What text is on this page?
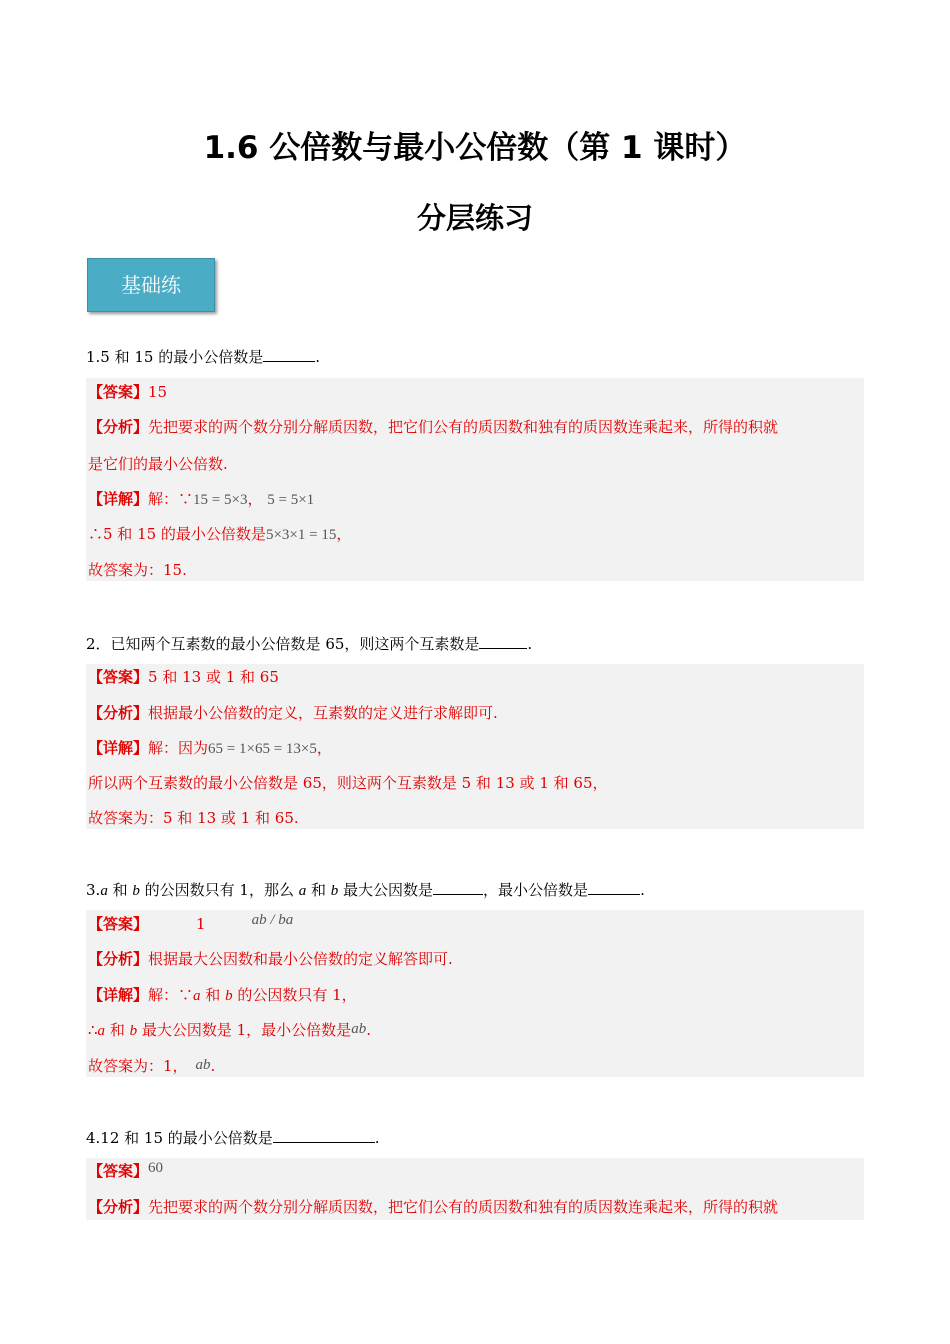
1.6 公倍数与最小公倍数（第 1 课时）
分层练习
基础练
1.5 和 15 的最小公倍数是	.
【答案】15
【分析】先把要求的两个数分别分解质因数，把它们公有的质因数和独有的质因数连乘起来，所得的积就
是它们的最小公倍数.
【详解】解：∵15 = 5×3， 5 = 5×1
∴5 和 15 的最小公倍数是5×3×1 = 15，
故答案为：15.
2．已知两个互素数的最小公倍数是 65，则这两个互素数是	.
【答案】5 和 13 或 1 和 65
【分析】根据最小公倍数的定义，互素数的定义进行求解即可.
【详解】解：因为65 = 1×65 = 13×5，
所以两个互素数的最小公倍数是 65，则这两个互素数是 5 和 13 或 1 和 65，
故答案为：5 和 13 或 1 和 65.
3.a 和 b 的公因数只有 1，那么 a 和 b 最大公因数是	，最小公倍数是	.
【答案】	1	ab / ba
【分析】根据最大公因数和最小公倍数的定义解答即可.
【详解】解：∵a 和 b 的公因数只有 1，
∴a 和 b 最大公因数是 1，最小公倍数是ab.
故答案为：1， ab.
4.12 和 15 的最小公倍数是	.
【答案】60
【分析】先把要求的两个数分别分解质因数，把它们公有的质因数和独有的质因数连乘起来，所得的积就
